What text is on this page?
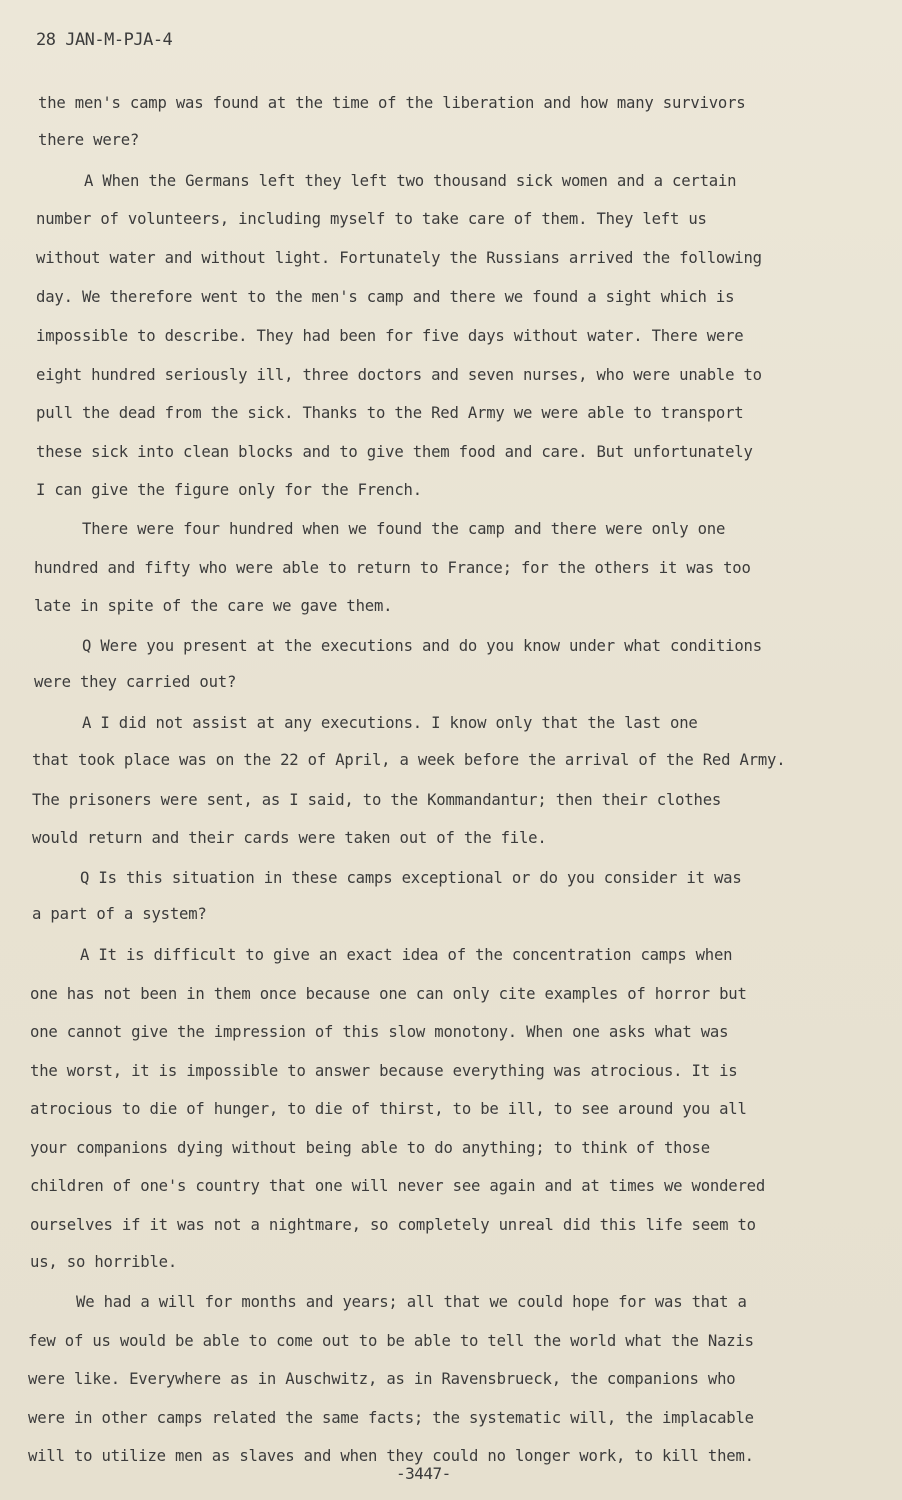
28 JAN-M-PJA-4
the men's camp was found at the time of the liberation and how many survivors
there were?
A When the Germans left they left two thousand sick women and a certain
number of volunteers, including myself to take care of them. They left us
without water and without light. Fortunately the Russians arrived the following
day. We therefore went to the men's camp and there we found a sight which is
impossible to describe. They had been for five days without water. There were
eight hundred seriously ill, three doctors and seven nurses, who were unable to
pull the dead from the sick. Thanks to the Red Army we were able to transport
these sick into clean blocks and to give them food and care. But unfortunately
I can give the figure only for the French.
There were four hundred when we found the camp and there were only one
hundred and fifty who were able to return to France; for the others it was too
late in spite of the care we gave them.
Q Were you present at the executions and do you know under what conditions
were they carried out?
A I did not assist at any executions. I know only that the last one
that took place was on the 22 of April, a week before the arrival of the Red Army.
The prisoners were sent, as I said, to the Kommandantur; then their clothes
would return and their cards were taken out of the file.
Q Is this situation in these camps exceptional or do you consider it was
a part of a system?
A It is difficult to give an exact idea of the concentration camps when
one has not been in them once because one can only cite examples of horror but
one cannot give the impression of this slow monotony. When one asks what was
the worst, it is impossible to answer because everything was atrocious. It is
atrocious to die of hunger, to die of thirst, to be ill, to see around you all
your companions dying without being able to do anything; to think of those
children of one's country that one will never see again and at times we wondered
ourselves if it was not a nightmare, so completely unreal did this life seem to
us, so horrible.
We had a will for months and years; all that we could hope for was that a
few of us would be able to come out to be able to tell the world what the Nazis
were like. Everywhere as in Auschwitz, as in Ravensbrueck, the companions who
were in other camps related the same facts; the systematic will, the implacable
will to utilize men as slaves and when they could no longer work, to kill them.
-3447-
